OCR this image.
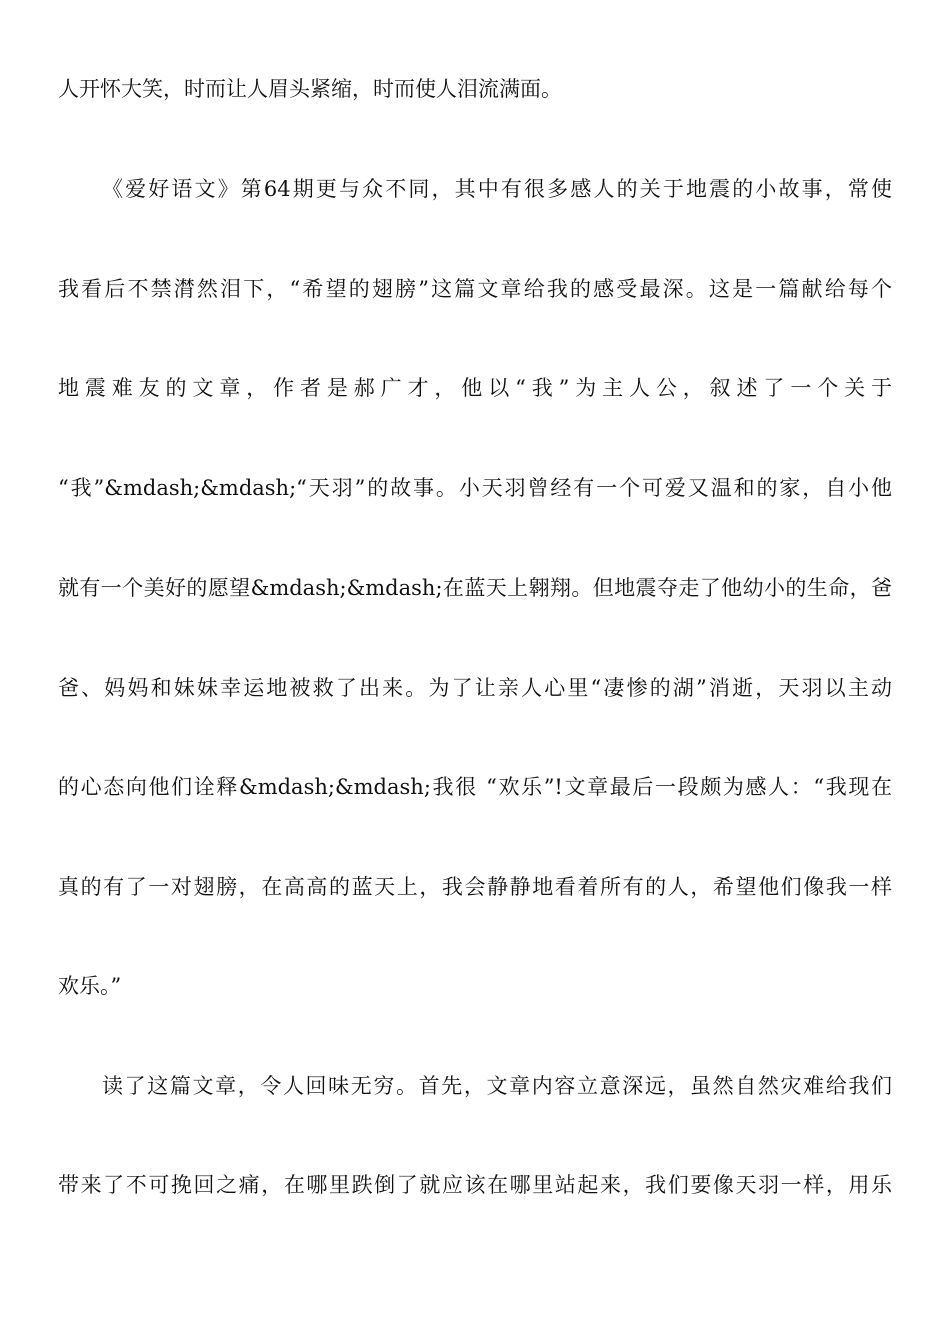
人开怀大笑，时而让人眉头紧缩，时而使人泪流满面。
《爱好语文》第64期更与众不同，其中有很多感人的关于地震的小故事，常使
我看后不禁潸然泪下，“希望的翅膀”这篇文章给我的感受最深。这是一篇献给每个
地震难友的文章，作者是郝广才，他以“我”为主人公，叙述了一个关于
“我”&mdash;&mdash;“天羽”的故事。小天羽曾经有一个可爱又温和的家，自小他
就有一个美好的愿望&mdash;&mdash;在蓝天上翱翔。但地震夺走了他幼小的生命，爸
爸、妈妈和妹妹幸运地被救了出来。为了让亲人心里“凄惨的湖”消逝，天羽以主动
的心态向他们诠释&mdash;&mdash;我很 “欢乐”!文章最后一段颇为感人：“我现在
真的有了一对翅膀，在高高的蓝天上，我会静静地看着所有的人，希望他们像我一样
欢乐。”
读了这篇文章，令人回味无穷。首先，文章内容立意深远，虽然自然灾难给我们
带来了不可挽回之痛，在哪里跌倒了就应该在哪里站起来，我们要像天羽一样，用乐
